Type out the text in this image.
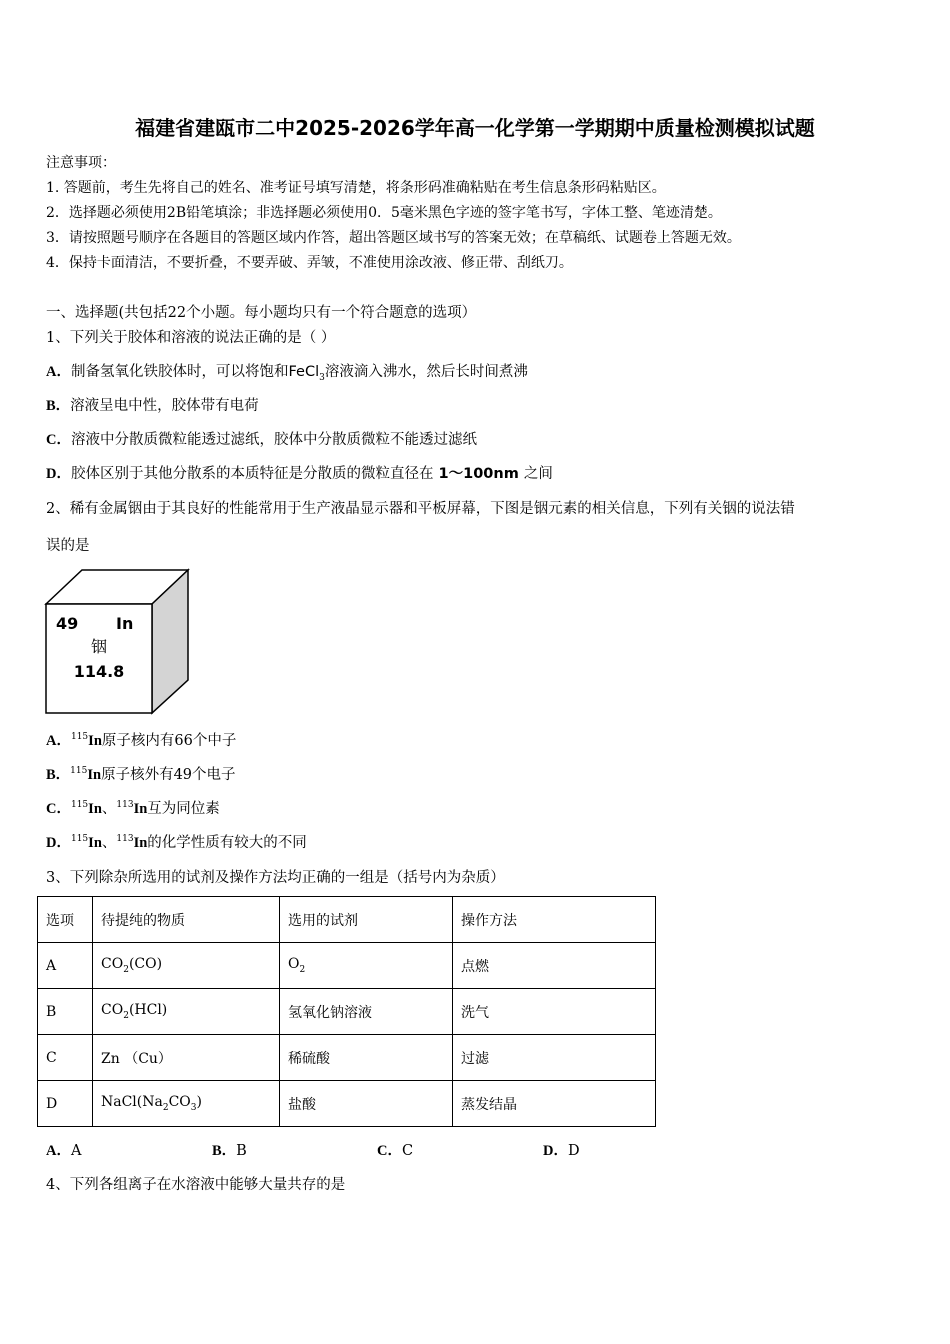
福建省建瓯市二中2025-2026学年高一化学第一学期期中质量检测模拟试题
注意事项：
1. 答题前，考生先将自己的姓名、准考证号填写清楚，将条形码准确粘贴在考生信息条形码粘贴区。
2．选择题必须使用2B铅笔填涂；非选择题必须使用0．5毫米黑色字迹的签字笔书写，字体工整、笔迹清楚。
3．请按照题号顺序在各题目的答题区域内作答，超出答题区域书写的答案无效；在草稿纸、试题卷上答题无效。
4．保持卡面清洁，不要折叠，不要弄破、弄皱，不准使用涂改液、修正带、刮纸刀。
一、选择题(共包括22个小题。每小题均只有一个符合题意的选项）
1、下列关于胶体和溶液的说法正确的是（ ）
A．制备氢氧化铁胶体时，可以将饱和FeCl$_3$溶液滴入沸水，然后长时间煮沸
B．溶液呈电中性，胶体带有电荷
C．溶液中分散质微粒能透过滤纸，胶体中分散质微粒不能透过滤纸
D．胶体区别于其他分散系的本质特征是分散质的微粒直径在 1～100nm 之间
2、稀有金属铟由于其良好的性能常用于生产液晶显示器和平板屏幕，下图是铟元素的相关信息，下列有关铟的说法错
误的是
49 In
铟
114.8
A．$^{115}$In原子核内有66个中子
B．$^{115}$In原子核外有49个电子
C．$^{115}$In、$^{113}$In互为同位素
D．$^{115}$In、$^{113}$In的化学性质有较大的不同
3、下列除杂所选用的试剂及操作方法均正确的一组是（括号内为杂质）
选项	待提纯的物质	选用的试剂	操作方法
A	$CO_2(CO)$	$O_2$	点燃
B	$CO_2(HCl)$	氢氧化钠溶液	洗气
C	Zn （Cu）	稀硫酸	过滤
D	$NaCl(Na_2CO_3)$	盐酸	蒸发结晶
A．A	B．B	C．C	D．D
4、下列各组离子在水溶液中能够大量共存的是
